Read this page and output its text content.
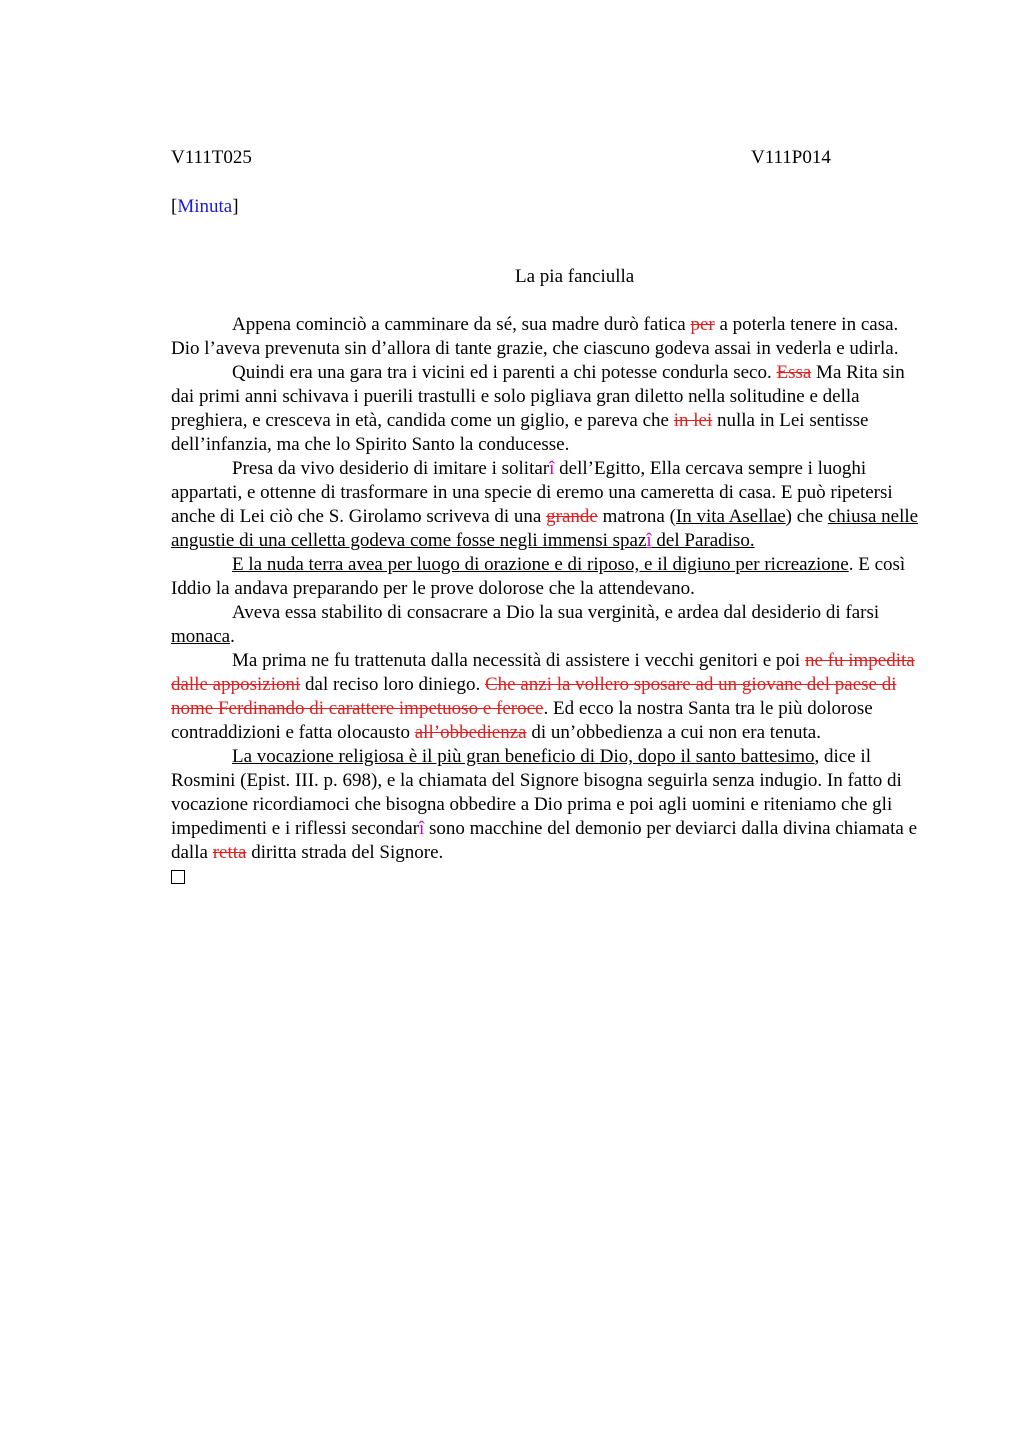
V111T025	V111P014
[Minuta]
La pia fanciulla

Appena cominciò a camminare da sé, sua madre durò fatica per a poterla tenere in casa. Dio l’aveva prevenuta sin d’allora di tante grazie, che ciascuno godeva assai in vederla e udirla.

Quindi era una gara tra i vicini ed i parenti a chi potesse condurla seco. Essa Ma Rita sin dai primi anni schivava i puerili trastulli e solo pigliava gran diletto nella solitudine e della preghiera, e cresceva in età, candida come un giglio, e pareva che in lei nulla in Lei sentisse dell’infanzia, ma che lo Spirito Santo la conducesse.

Presa da vivo desiderio di imitare i solitarî dell’Egitto, Ella cercava sempre i luoghi appartati, e ottenne di trasformare in una specie di eremo una cameretta di casa. E può ripetersi anche di Lei ciò che S. Girolamo scriveva di una grande matrona (In vita Asellae) che chiusa nelle angustie di una celletta godeva come fosse negli immensi spazî del Paradiso.

E la nuda terra avea per luogo di orazione e di riposo, e il digiuno per ricreazione. E così Iddio la andava preparando per le prove dolorose che la attendevano.

Aveva essa stabilito di consacrare a Dio la sua verginità, e ardea dal desiderio di farsi monaca.

Ma prima ne fu trattenuta dalla necessità di assistere i vecchi genitori e poi ne fu impedita dalle apposizioni dal reciso loro diniego. Che anzi la vollero sposare ad un giovane del paese di nome Ferdinando di carattere impetuoso e feroce. Ed ecco la nostra Santa tra le più dolorose contraddizioni e fatta olocausto all’obbedienza di un’obbedienza a cui non era tenuta.

La vocazione religiosa è il più gran beneficio di Dio, dopo il santo battesimo, dice il Rosmini (Epist. III. p. 698), e la chiamata del Signore bisogna seguirla senza indugio. In fatto di vocazione ricordiamoci che bisogna obbedire a Dio prima e poi agli uomini e riteniamo che gli impedimenti e i riflessi secondarî sono macchine del demonio per deviarci dalla divina chiamata e dalla retta diritta strada del Signore.
